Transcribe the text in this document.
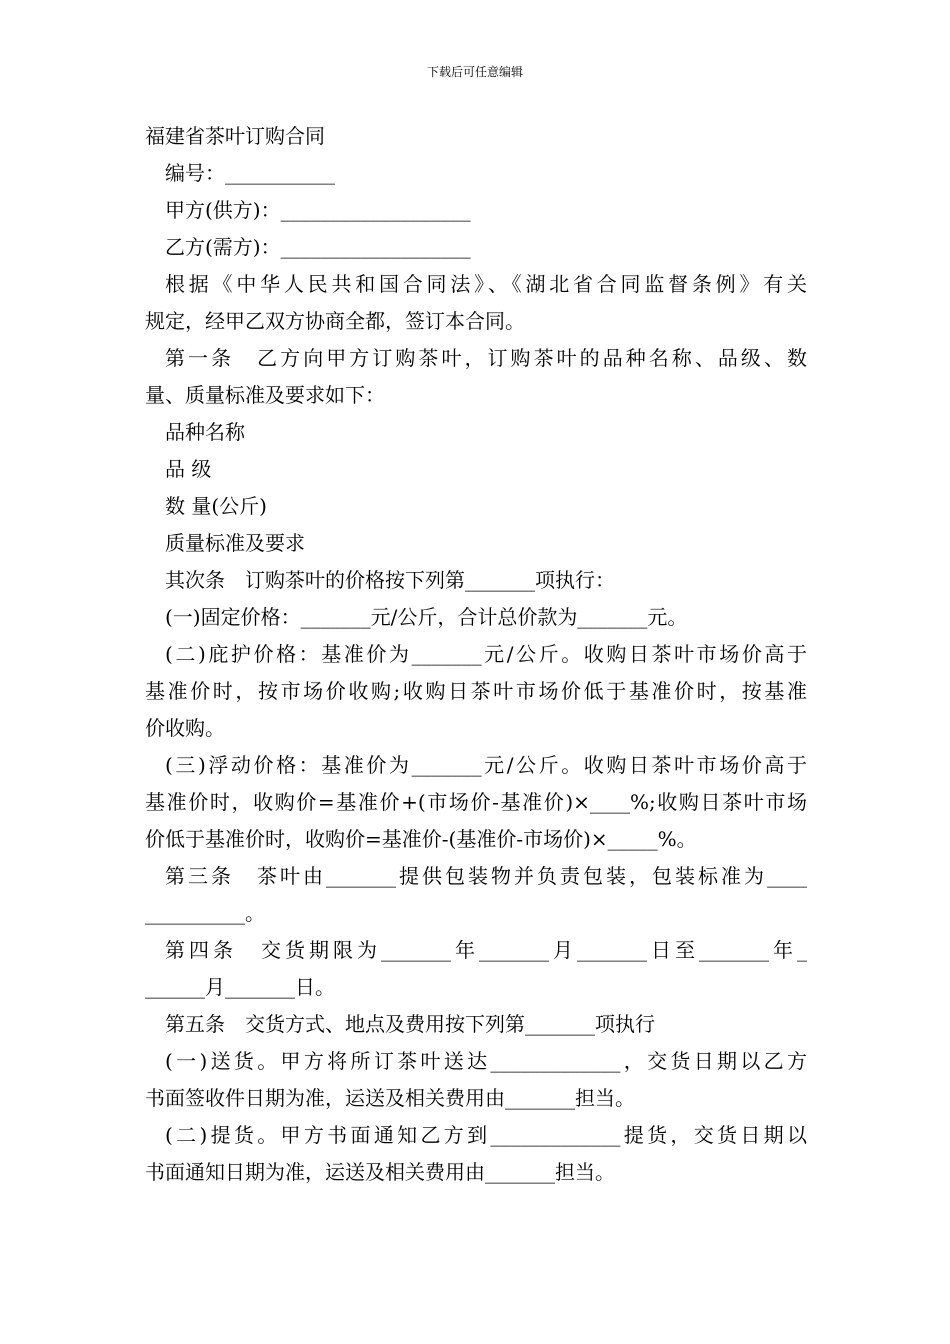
下载后可任意编辑

福建省茶叶订购合同

编号：___________

甲方(供方)：___________________

乙方(需方)：___________________

根据《中华人民共和国合同法》、《湖北省合同监督条例》有关

规定，经甲乙双方协商全都，签订本合同。

第一条　乙方向甲方订购茶叶，订购茶叶的品种名称、品级、数

量、质量标准及要求如下：

品种名称

品 级

数 量(公斤)

质量标准及要求

其次条　订购茶叶的价格按下列第_______项执行：

(一)固定价格：_______元/公斤，合计总价款为_______元。

(二)庇护价格：基准价为_______元/公斤。收购日茶叶市场价高于

基准价时，按市场价收购;收购日茶叶市场价低于基准价时，按基准

价收购。

(三)浮动价格：基准价为_______元/公斤。收购日茶叶市场价高于

基准价时，收购价=基准价+(市场价-基准价)×____%;收购日茶叶市场

价低于基准价时，收购价=基准价-(基准价-市场价)×_____%。

第三条　茶叶由_______提供包装物并负责包装，包装标准为____

__________。

第四条　交货期限为_______年_______月_______日至_______年_

______月_______日。

第五条　交货方式、地点及费用按下列第_______项执行

(一)送货。甲方将所订茶叶送达_____________，交货日期以乙方

书面签收件日期为准，运送及相关费用由_______担当。

(二)提货。甲方书面通知乙方到_____________提货，交货日期以

书面通知日期为准，运送及相关费用由_______担当。
